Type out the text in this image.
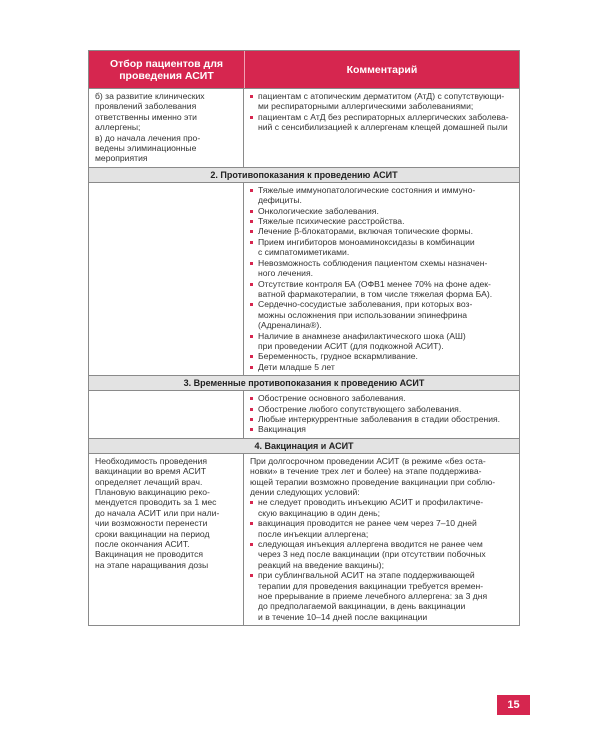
Отбор пациентов для проведения АСИТ	Комментарий
б) за развитие клинических
проявлений заболевания
ответственны именно эти
аллергены;
в) до начала лечения про-
ведены элиминационные
мероприятия
пациентам с атопическим дерматитом (АтД) с сопутствующи-
ми респираторными аллергическими заболеваниями;
пациентам с АтД без респираторных аллергических заболева-
ний с сенсибилизацией к аллергенам клещей домашней пыли
2. Противопоказания к проведению АСИТ
Тяжелые иммунопатологические состояния и иммуно-
дефициты.
Онкологические заболевания.
Тяжелые психические расстройства.
Лечение β-блокаторами, включая топические формы.
Прием ингибиторов моноаминоксидазы в комбинации
с симпатомиметиками.
Невозможность соблюдения пациентом схемы назначен-
ного лечения.
Отсутствие контроля БА (ОФВ1 менее 70% на фоне адек-
ватной фармакотерапии, в том числе тяжелая форма БА).
Сердечно-сосудистые заболевания, при которых воз-
можны осложнения при использовании эпинефрина
(Адреналина®).
Наличие в анамнезе анафилактического шока (АШ)
при проведении АСИТ (для подкожной АСИТ).
Беременность, грудное вскармливание.
Дети младше 5 лет
3. Временные противопоказания к проведению АСИТ
Обострение основного заболевания.
Обострение любого сопутствующего заболевания.
Любые интеркуррентные заболевания в стадии обострения.
Вакцинация
4. Вакцинация и АСИТ
Необходимость проведения
вакцинации во время АСИТ
определяет лечащий врач.
Плановую вакцинацию реко-
мендуется проводить за 1 мес
до начала АСИТ или при нали-
чии возможности перенести
сроки вакцинации на период
после окончания АСИТ.
Вакцинация не проводится
на этапе наращивания дозы
При долгосрочном проведении АСИТ (в режиме «без оста-
новки» в течение трех лет и более) на этапе поддержива-
ющей терапии возможно проведение вакцинации при соблю-
дении следующих условий:
не следует проводить инъекцию АСИТ и профилактиче-
скую вакцинацию в один день;
вакцинация проводится не ранее чем через 7–10 дней
после инъекции аллергена;
следующая инъекция аллергена вводится не ранее чем
через 3 нед после вакцинации (при отсутствии побочных
реакций на введение вакцины);
при сублингвальной АСИТ на этапе поддерживающей
терапии для проведения вакцинации требуется времен-
ное прерывание в приеме лечебного аллергена: за 3 дня
до предполагаемой вакцинации, в день вакцинации
и в течение 10–14 дней после вакцинации
15
